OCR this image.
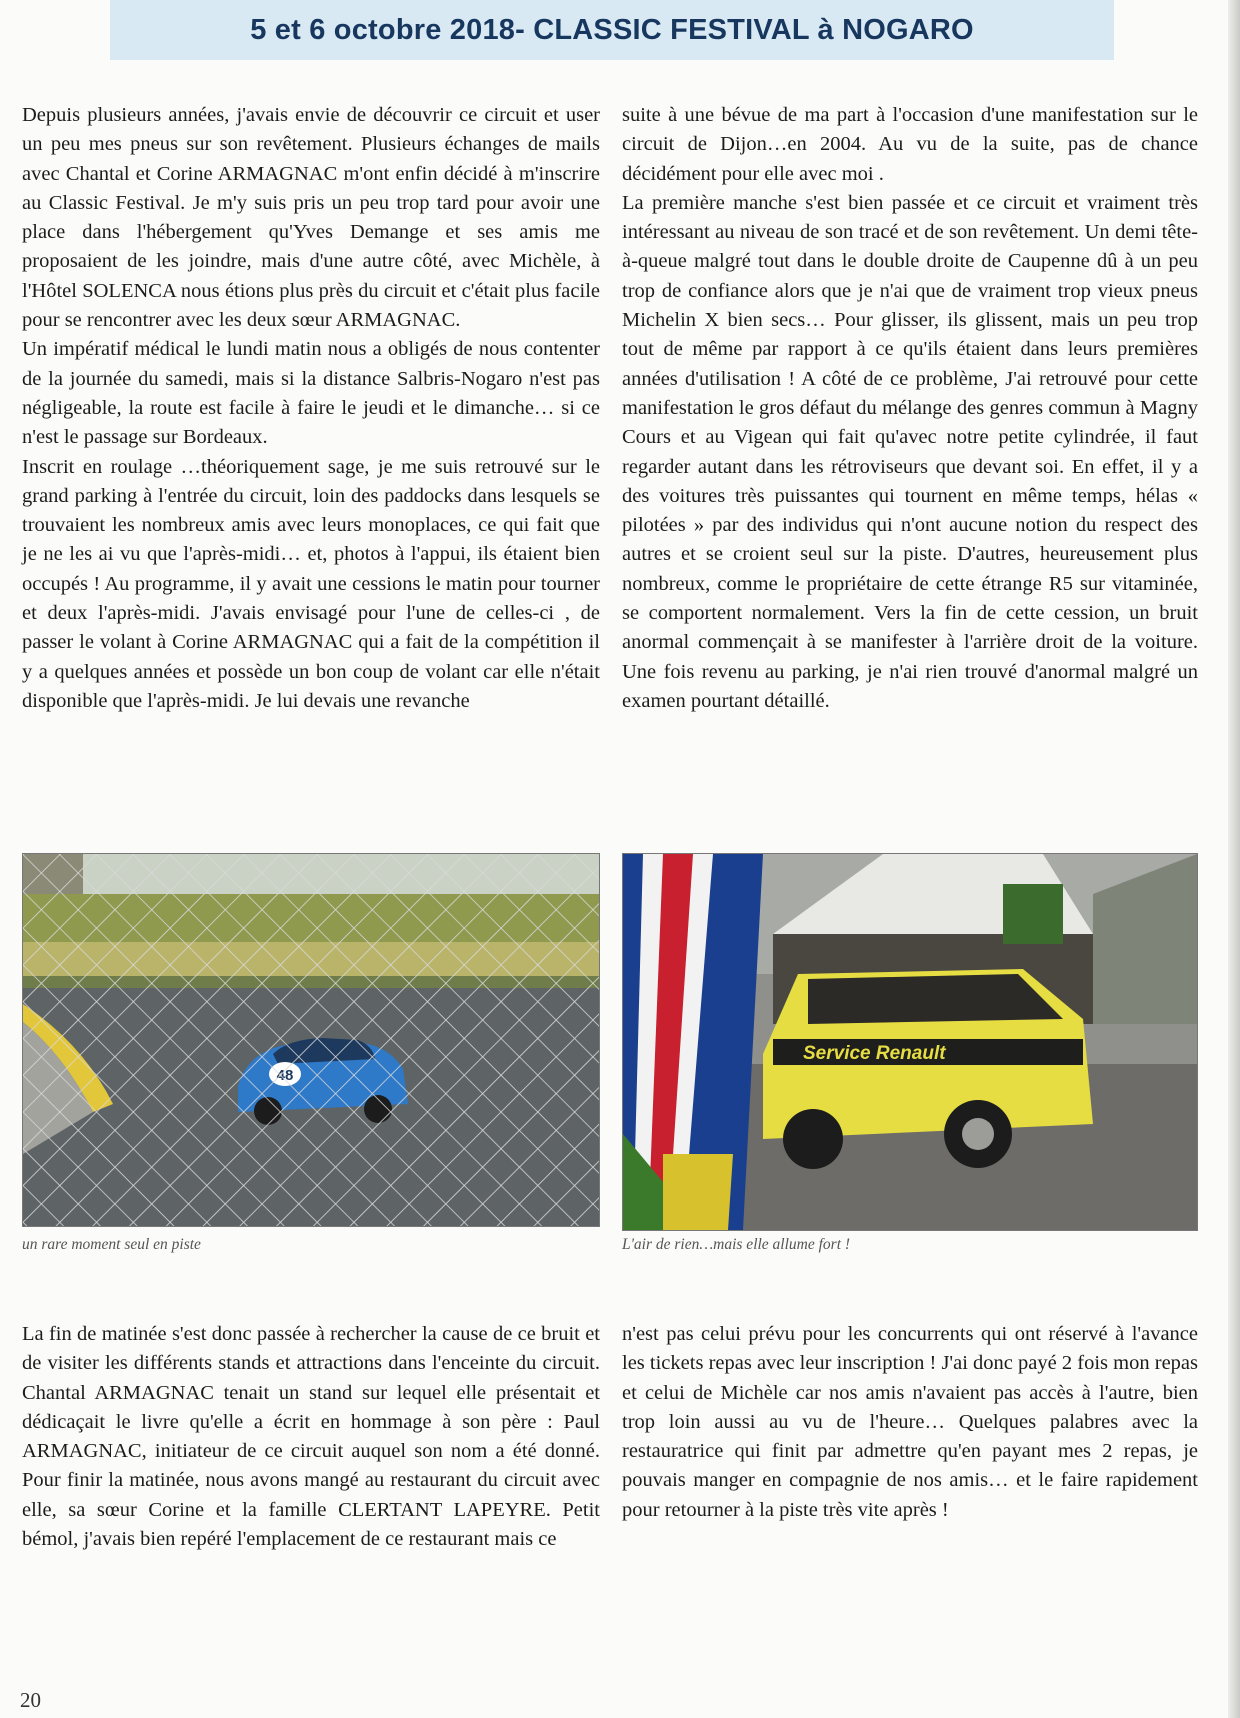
5 et 6 octobre 2018- CLASSIC FESTIVAL à NOGARO

Depuis plusieurs années, j'avais envie de découvrir ce circuit et user un peu mes pneus sur son revêtement. Plusieurs échanges de mails avec Chantal et Corine ARMAGNAC m'ont enfin décidé à m'inscrire au Classic Festival. Je m'y suis pris un peu trop tard pour avoir une place dans l'hébergement qu'Yves Demange et ses amis me proposaient de les joindre, mais d'une autre côté, avec Michèle, à l'Hôtel SOLENCA nous étions plus près du circuit et c'était plus facile pour se rencontrer avec les deux sœur ARMAGNAC.

Un impératif médical le lundi matin nous a obligés de nous contenter de la journée du samedi, mais si la distance Salbris-Nogaro n'est pas négligeable, la route est facile à faire le jeudi et le dimanche… si ce n'est le passage sur Bordeaux.

Inscrit en roulage …théoriquement sage, je me suis retrouvé sur le grand parking à l'entrée du circuit, loin des paddocks dans lesquels se trouvaient les nombreux amis avec leurs monoplaces, ce qui fait que je ne les ai vu que l'après-midi… et, photos à l'appui, ils étaient bien occupés ! Au programme, il y avait une cessions le matin pour tourner et deux l'après-midi. J'avais envisagé pour l'une de celles-ci , de passer le volant à Corine ARMAGNAC qui a fait de la compétition il y a quelques années et possède un bon coup de volant car elle n'était disponible que l'après-midi. Je lui devais une revanche

suite à une bévue de ma part à l'occasion d'une manifestation sur le circuit de Dijon…en 2004. Au vu de la suite, pas de chance décidément pour elle avec moi .

La première manche s'est bien passée et ce circuit et vraiment très intéressant au niveau de son tracé et de son revêtement. Un demi tête-à-queue malgré tout dans le double droite de Caupenne dû à un peu trop de confiance alors que je n'ai que de vraiment trop vieux pneus Michelin X bien secs… Pour glisser, ils glissent, mais un peu trop tout de même par rapport à ce qu'ils étaient dans leurs premières années d'utilisation ! A côté de ce problème, J'ai retrouvé pour cette manifestation le gros défaut du mélange des genres commun à Magny Cours et au Vigean qui fait qu'avec notre petite cylindrée, il faut regarder autant dans les rétroviseurs que devant soi. En effet, il y a des voitures très puissantes qui tournent en même temps, hélas « pilotées » par des individus qui n'ont aucune notion du respect des autres et se croient seul sur la piste. D'autres, heureusement plus nombreux, comme le propriétaire de cette étrange R5 sur vitaminée, se comportent normalement. Vers la fin de cette cession, un bruit anormal commençait à se manifester à l'arrière droit de la voiture. Une fois revenu au parking, je n'ai rien trouvé d'anormal malgré un examen pourtant détaillé.

un rare moment seul en piste

Service Renault

L'air de rien…mais elle allume fort !

La fin de matinée s'est donc passée à rechercher la cause de ce bruit et de visiter les différents stands et attractions dans l'enceinte du circuit. Chantal ARMAGNAC tenait un stand sur lequel elle présentait et dédicaçait le livre qu'elle a écrit en hommage à son père : Paul ARMAGNAC, initiateur de ce circuit auquel son nom a été donné. Pour finir la matinée, nous avons mangé au restaurant du circuit avec elle, sa sœur Corine et la famille CLERTANT LAPEYRE. Petit bémol, j'avais bien repéré l'emplacement de ce restaurant mais ce

n'est pas celui prévu pour les concurrents qui ont réservé à l'avance les tickets repas avec leur inscription ! J'ai donc payé 2 fois mon repas et celui de Michèle car nos amis n'avaient pas accès à l'autre, bien trop loin aussi au vu de l'heure… Quelques palabres avec la restauratrice qui finit par admettre qu'en payant mes 2 repas, je pouvais manger en compagnie de nos amis… et le faire rapidement pour retourner à la piste très vite après !

20
